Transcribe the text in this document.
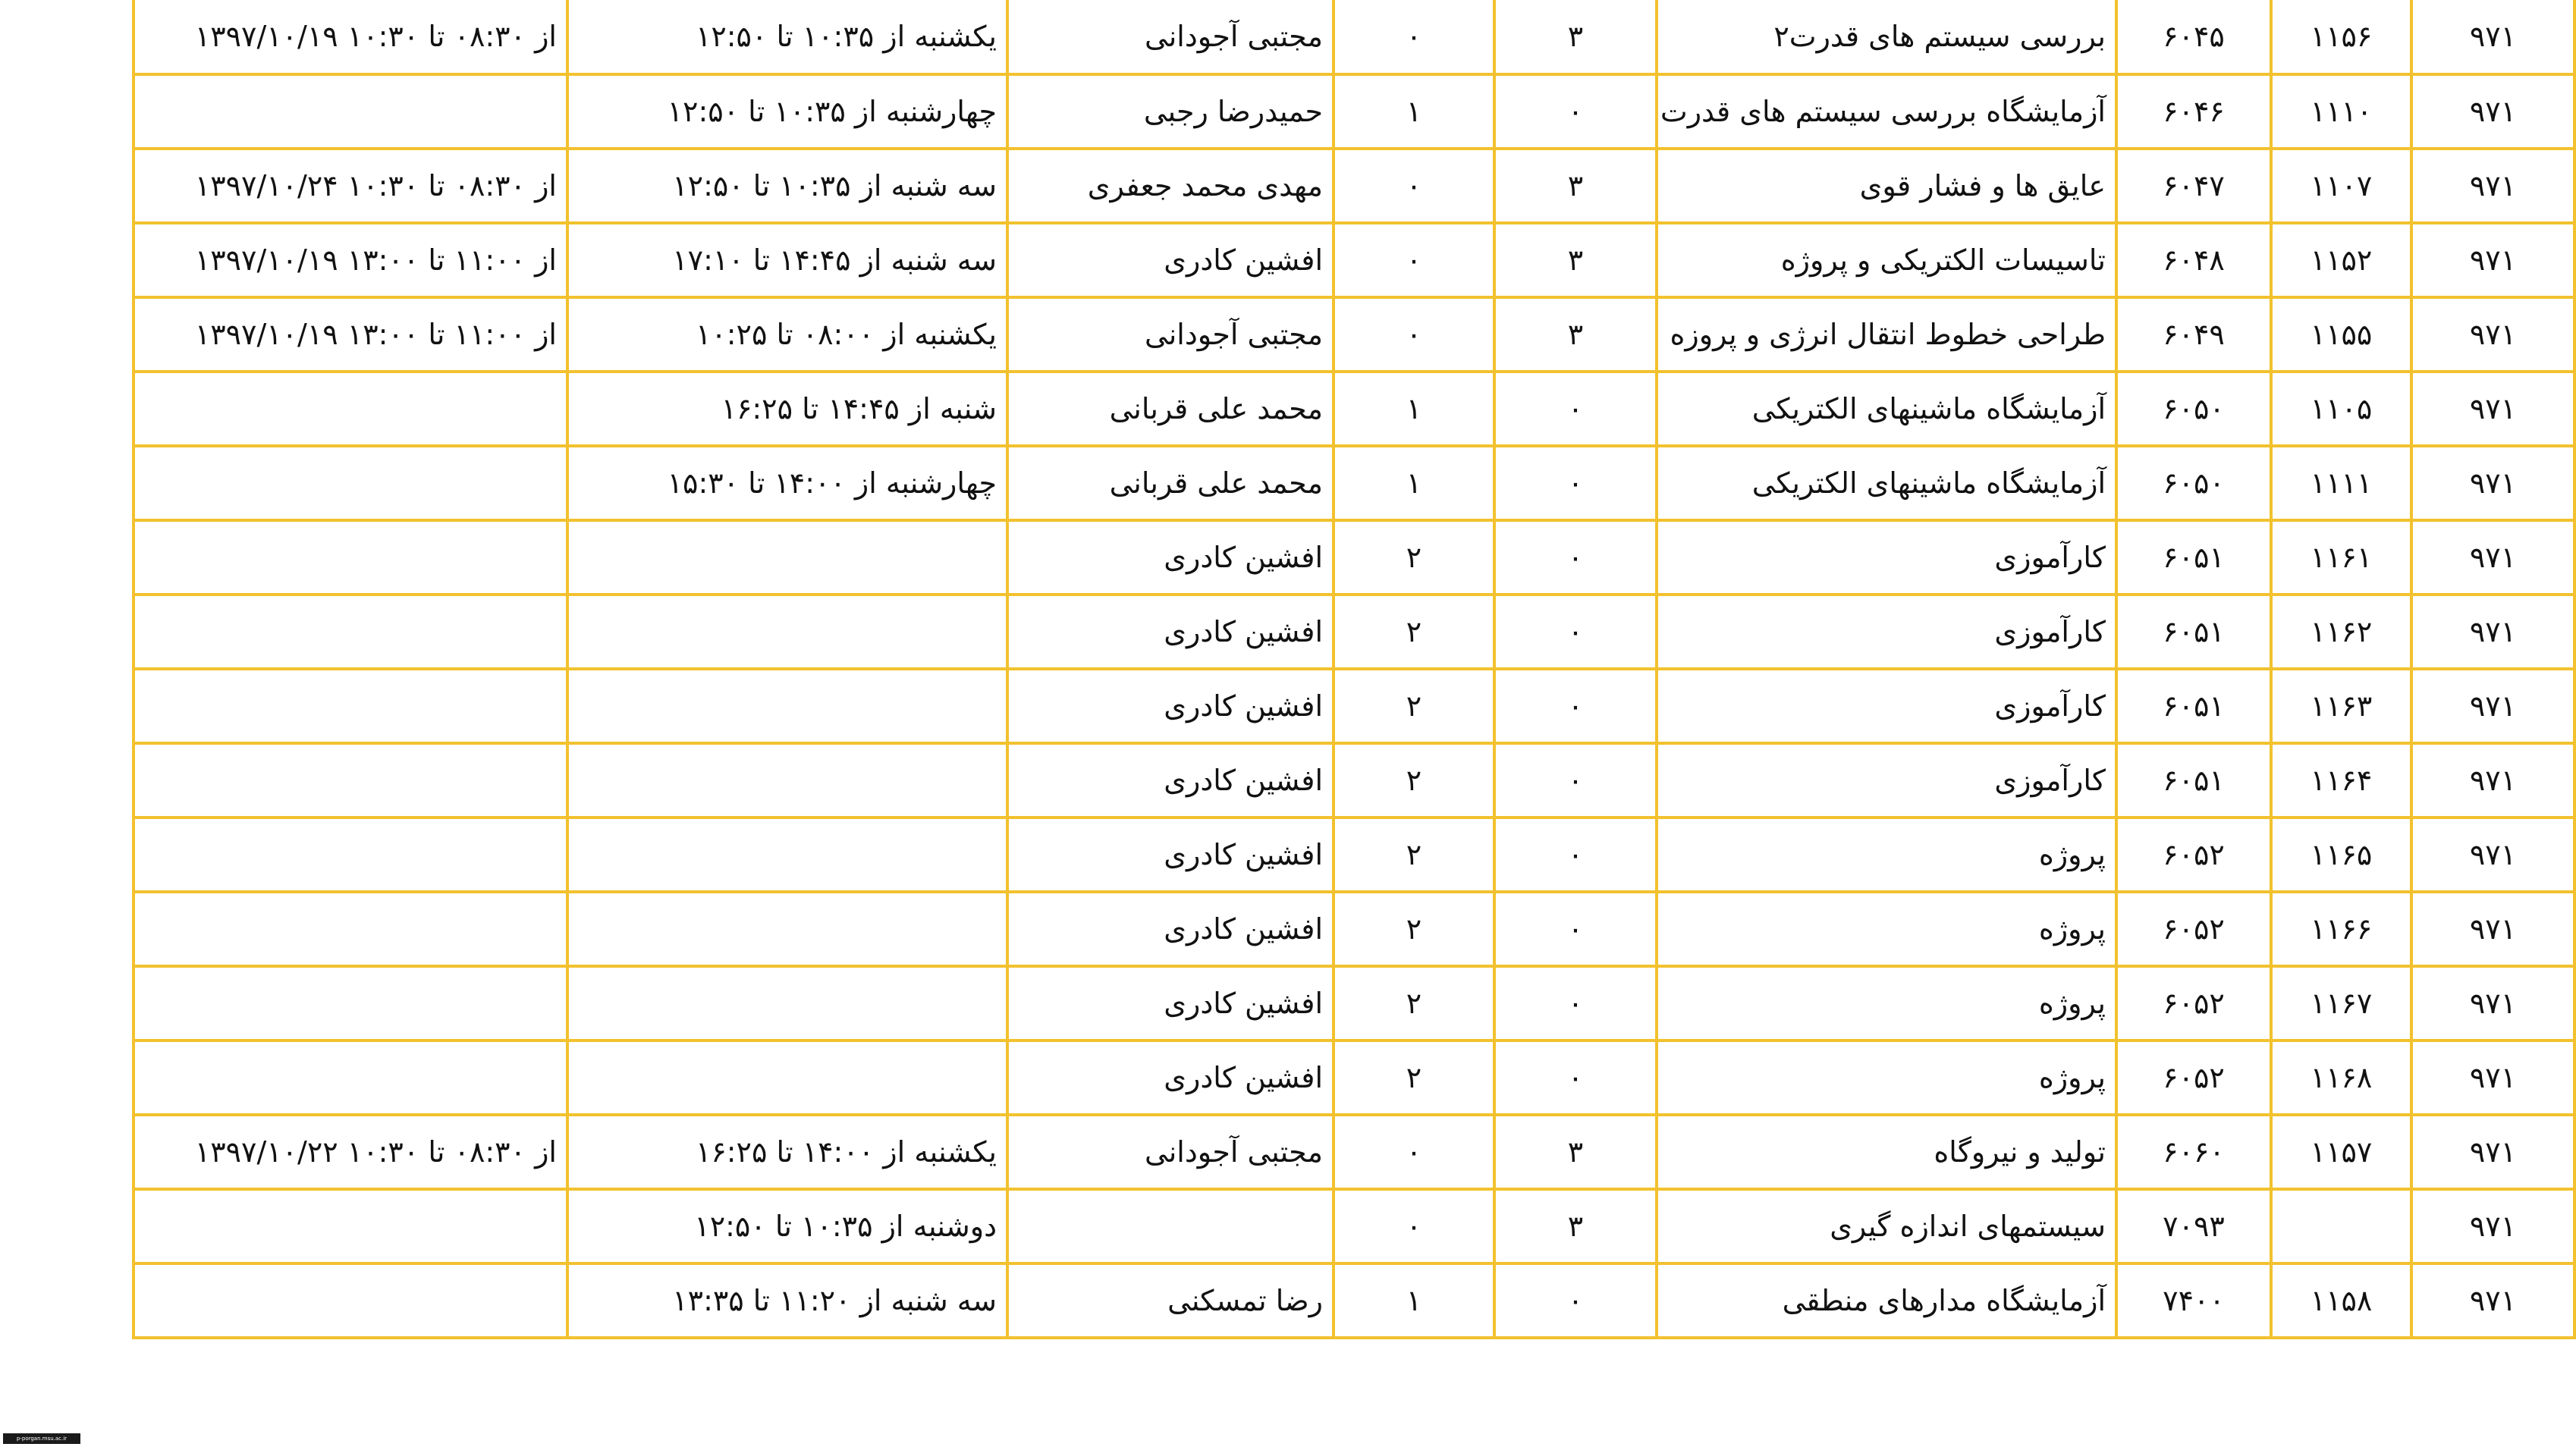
۹۷۱	۱۱۵۶	۶۰۴۵	بررسی سیستم های قدرت۲	۳	۰	مجتبی آجودانی	یکشنبه از ۱۰:۳۵ تا ۱۲:۵۰	از ۰۸:۳۰ تا ۱۰:۳۰ ۱۳۹۷/۱۰/۱۹
۹۷۱	۱۱۱۰	۶۰۴۶	آزمایشگاه بررسی سیستم های قدرت	۰	۱	حمیدرضا رجبی	چهارشنبه از ۱۰:۳۵ تا ۱۲:۵۰	
۹۷۱	۱۱۰۷	۶۰۴۷	عایق ها و فشار قوی	۳	۰	مهدی محمد جعفری	سه شنبه از ۱۰:۳۵ تا ۱۲:۵۰	از ۰۸:۳۰ تا ۱۰:۳۰ ۱۳۹۷/۱۰/۲۴
۹۷۱	۱۱۵۲	۶۰۴۸	تاسیسات الکتریکی و پروژه	۳	۰	افشین کادری	سه شنبه از ۱۴:۴۵ تا ۱۷:۱۰	از ۱۱:۰۰ تا ۱۳:۰۰ ۱۳۹۷/۱۰/۱۹
۹۷۱	۱۱۵۵	۶۰۴۹	طراحی خطوط انتقال انرژی و پروزه	۳	۰	مجتبی آجودانی	یکشنبه از ۰۸:۰۰ تا ۱۰:۲۵	از ۱۱:۰۰ تا ۱۳:۰۰ ۱۳۹۷/۱۰/۱۹
۹۷۱	۱۱۰۵	۶۰۵۰	آزمایشگاه ماشینهای الکتریکی	۰	۱	محمد علی قربانی	شنبه از ۱۴:۴۵ تا ۱۶:۲۵	
۹۷۱	۱۱۱۱	۶۰۵۰	آزمایشگاه ماشینهای الکتریکی	۰	۱	محمد علی قربانی	چهارشنبه از ۱۴:۰۰ تا ۱۵:۳۰	
۹۷۱	۱۱۶۱	۶۰۵۱	کارآموزی	۰	۲	افشین کادری		
۹۷۱	۱۱۶۲	۶۰۵۱	کارآموزی	۰	۲	افشین کادری		
۹۷۱	۱۱۶۳	۶۰۵۱	کارآموزی	۰	۲	افشین کادری		
۹۷۱	۱۱۶۴	۶۰۵۱	کارآموزی	۰	۲	افشین کادری		
۹۷۱	۱۱۶۵	۶۰۵۲	پروژه	۰	۲	افشین کادری		
۹۷۱	۱۱۶۶	۶۰۵۲	پروژه	۰	۲	افشین کادری		
۹۷۱	۱۱۶۷	۶۰۵۲	پروژه	۰	۲	افشین کادری		
۹۷۱	۱۱۶۸	۶۰۵۲	پروژه	۰	۲	افشین کادری		
۹۷۱	۱۱۵۷	۶۰۶۰	تولید و نیروگاه	۳	۰	مجتبی آجودانی	یکشنبه از ۱۴:۰۰ تا ۱۶:۲۵	از ۰۸:۳۰ تا ۱۰:۳۰ ۱۳۹۷/۱۰/۲۲
۹۷۱		۷۰۹۳	سیستمهای اندازه گیری	۳	۰		دوشنبه از ۱۰:۳۵ تا ۱۲:۵۰	
۹۷۱	۱۱۵۸	۷۴۰۰	آزمایشگاه مدارهای منطقی	۰	۱	رضا تمسکنی	سه شنبه از ۱۱:۲۰ تا ۱۳:۳۵	
p-porgan.msu.ac.ir
